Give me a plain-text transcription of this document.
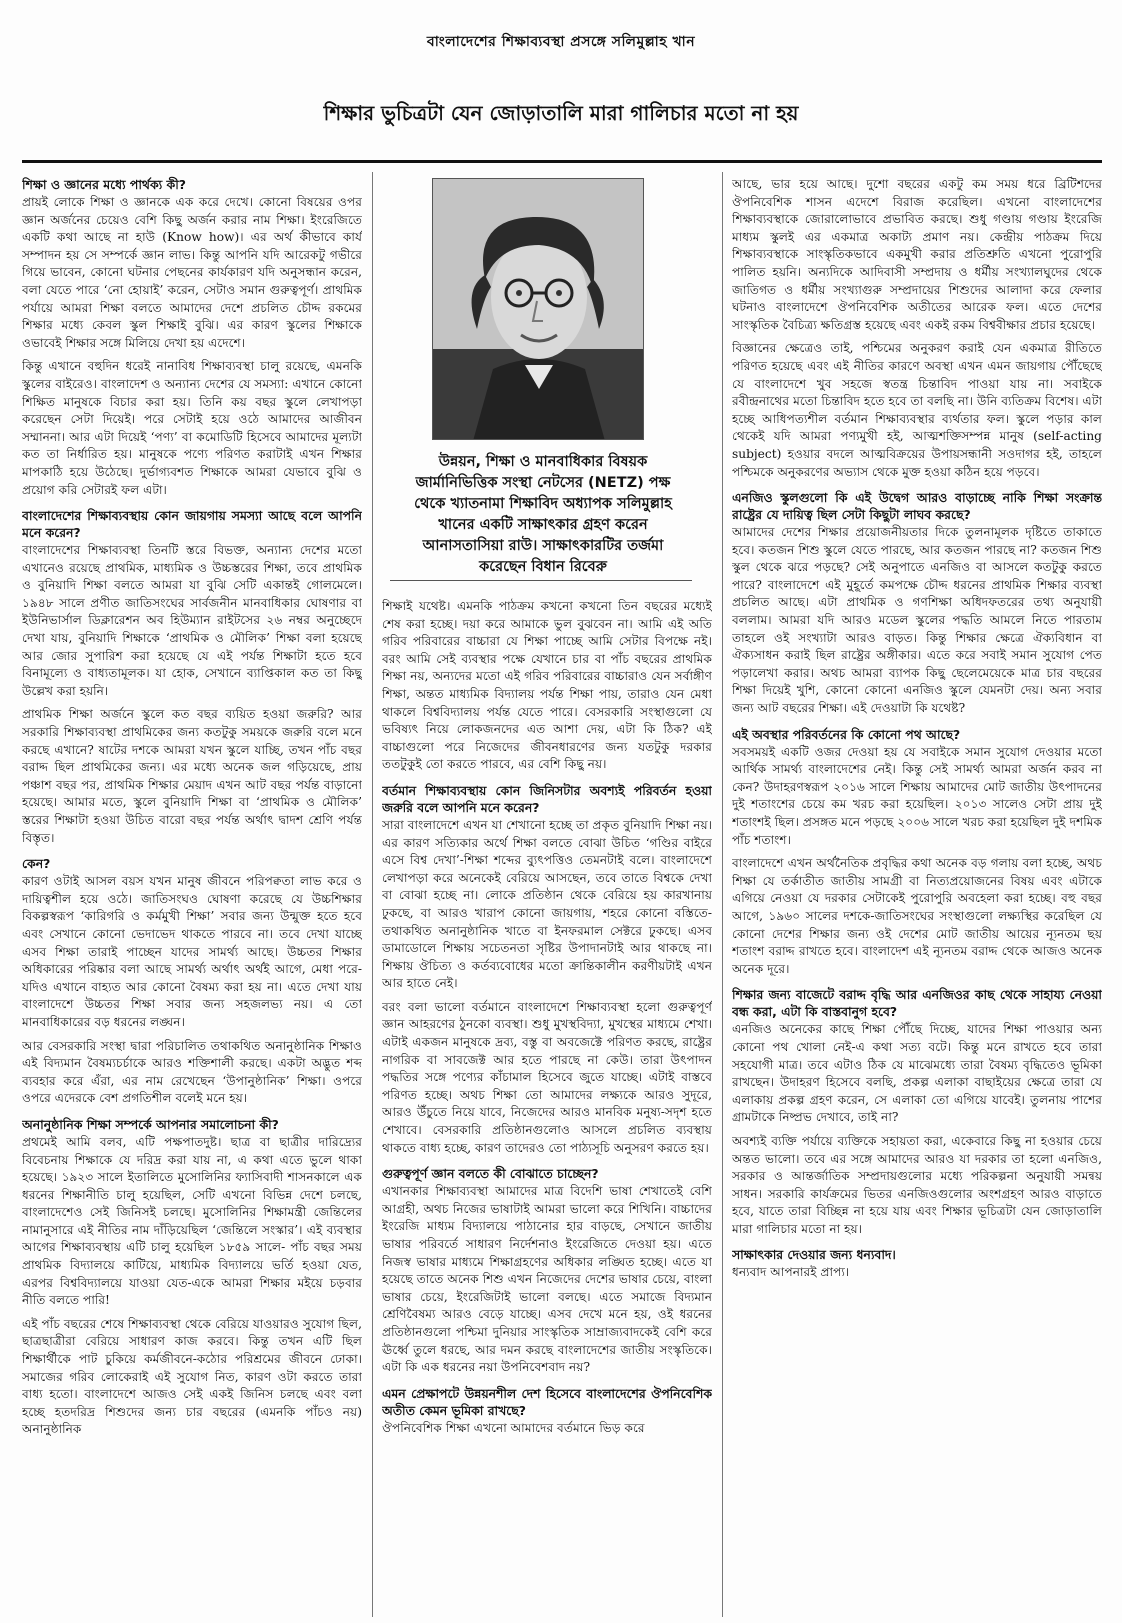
বাংলাদেশের শিক্ষাব্যবস্থা প্রসঙ্গে সলিমুল্লাহ খান
শিক্ষার ভুচিত্রটা যেন জোড়াতালি মারা গালিচার মতো না হয়
শিক্ষা ও জ্ঞানের মধ্যে পার্থক্য কী?

প্রায়ই লোকে শিক্ষা ও জ্ঞানকে এক করে দেখে। কোনো বিষয়ের ওপর জ্ঞান অর্জনের চেয়েও বেশি কিছু অর্জন করার নাম শিক্ষা। ইংরেজিতে একটি কথা আছে না হাউ (Know how)। এর অর্থ কীভাবে কার্য সম্পাদন হয় সে সম্পর্কে জ্ঞান লাভ। কিন্তু আপনি যদি আরেকটু গভীরে গিয়ে ভাবেন, কোনো ঘটনার পেছনের কার্যকারণ যদি অনুসন্ধান করেন, বলা যেতে পারে ‘নো হোয়াই’ করেন, সেটাও সমান গুরুত্বপূর্ণ। প্রাথমিক পর্যায়ে আমরা শিক্ষা বলতে আমাদের দেশে প্রচলিত চৌদ্দ রকমের শিক্ষার মধ্যে কেবল স্কুল শিক্ষাই বুঝি। এর কারণ স্কুলের শিক্ষাকে ওভাবেই শিক্ষার সঙ্গে মিলিয়ে দেখা হয় এদেশে।

কিন্তু এখানে বহুদিন ধরেই নানাবিধ শিক্ষাব্যবস্থা চালু রয়েছে, এমনকি স্কুলের বাইরেও। বাংলাদেশ ও অন্যান্য দেশের যে সমস্যা: এখানে কোনো শিক্ষিত মানুষকে বিচার করা হয়। তিনি কয় বছর স্কুলে লেখাপড়া করেছেন সেটা দিয়েই। পরে সেটাই হয়ে ওঠে আমাদের আজীবন সম্মাননা। আর এটা দিয়েই ‘পণ্য’ বা কমোডিটি হিসেবে আমাদের মূল্যটা কত তা নির্ধারিত হয়। মানুষকে পণ্যে পরিণত করাটাই এখন শিক্ষার মাপকাঠি হয়ে উঠেছে। দুর্ভাগ্যবশত শিক্ষাকে আমরা যেভাবে বুঝি ও প্রয়োগ করি সেটারই ফল এটা।

বাংলাদেশের শিক্ষাব্যবস্থায় কোন জায়গায় সমস্যা আছে বলে আপনি মনে করেন?

বাংলাদেশের শিক্ষাব্যবস্থা তিনটি স্তরে বিভক্ত, অন্যান্য দেশের মতো এখানেও রয়েছে প্রাথমিক, মাধ্যমিক ও উচ্চস্তরের শিক্ষা, তবে প্রাথমিক ও বুনিয়াদি শিক্ষা বলতে আমরা যা বুঝি সেটি একান্তই গোলমেলে। ১৯৪৮ সালে প্রণীত জাতিসংঘের সার্বজনীন মানবাধিকার ঘোষণার বা ইউনিভার্সাল ডিক্লারেশন অব হিউম্যান রাইটসের ২৬ নম্বর অনুচ্ছেদে দেখা যায়, বুনিয়াদি শিক্ষাকে ‘প্রাথমিক ও মৌলিক’ শিক্ষা বলা হয়েছে আর জোর সুপারিশ করা হয়েছে যে এই পর্যন্ত শিক্ষাটা হতে হবে বিনামূল্যে ও বাধ্যতামূলক। যা হোক, সেখানে ব্যাপ্তিকাল কত তা কিছু উল্লেখ করা হয়নি।

প্রাথমিক শিক্ষা অর্জনে স্কুলে কত বছর ব্যয়িত হওয়া জরুরি? আর সরকারি শিক্ষাব্যবস্থা প্রাথমিকের জন্য কতটুকু সময়কে জরুরি বলে মনে করছে এখানে? ষাটের দশকে আমরা যখন স্কুলে যাচ্ছি, তখন পাঁচ বছর বরাদ্দ ছিল প্রাথমিকের জন্য। এর মধ্যে অনেক জল গড়িয়েছে, প্রায় পঞ্চাশ বছর পর, প্রাথমিক শিক্ষার মেয়াদ এখন আট বছর পর্যন্ত বাড়ানো হয়েছে। আমার মতে, স্কুলে বুনিয়াদি শিক্ষা বা ‘প্রাথমিক ও মৌলিক’ স্তরের শিক্ষাটা হওয়া উচিত বারো বছর পর্যন্ত অর্থাৎ দ্বাদশ শ্রেণি পর্যন্ত বিস্তৃত।

কেন?

কারণ ওটাই আসল বয়স যখন মানুষ জীবনে পরিপক্বতা লাভ করে ও দায়িত্বশীল হয়ে ওঠে। জাতিসংঘও ঘোষণা করেছে যে উচ্চশিক্ষার বিকল্পস্বরূপ ‘কারিগরি ও কর্মমুখী শিক্ষা’ সবার জন্য উন্মুক্ত হতে হবে এবং সেখানে কোনো ভেদাভেদ থাকতে পারবে না। তবে দেখা যাচ্ছে এসব শিক্ষা তারাই পাচ্ছেন যাদের সামর্থ্য আছে। উচ্চতর শিক্ষার অধিকারের পরিষ্কার বলা আছে সামর্থ্য অর্থাৎ অর্থই আগে, মেধা পরে-যদিও এখানে বাহ্যত আর কোনো বৈষম্য করা হয় না। এতে দেখা যায় বাংলাদেশে উচ্চতর শিক্ষা সবার জন্য সহজলভ্য নয়। এ তো মানবাধিকারের বড় ধরনের লঙ্ঘন।

আর বেসরকারি সংস্থা দ্বারা পরিচালিত তথাকথিত অনানুষ্ঠানিক শিক্ষাও এই বিদ্যমান বৈষম্যচর্চাকে আরও শক্তিশালী করছে। একটা অদ্ভুত শব্দ ব্যবহার করে এঁরা, এর নাম রেখেছেন ‘উপানুষ্ঠানিক’ শিক্ষা। ওপরে ওপরে এদেরকে বেশ প্রগতিশীল বলেই মনে হয়।

অনানুষ্ঠানিক শিক্ষা সম্পর্কে আপনার সমালোচনা কী?

প্রথমেই আমি বলব, এটি পক্ষপাতদুষ্ট। ছাত্র বা ছাত্রীর দারিদ্র্যের বিবেচনায় শিক্ষাকে যে দরিদ্র করা যায় না, এ কথা এতে ভুলে থাকা হয়েছে। ১৯২৩ সালে ইতালিতে মুসোলিনির ফ্যাসিবাদী শাসনকালে এক ধরনের শিক্ষানীতি চালু হয়েছিল, সেটি এখনো বিভিন্ন দেশে চলছে, বাংলাদেশেও সেই জিনিসই চলছে। মুসোলিনির শিক্ষামন্ত্রী জেন্তিলের নামানুসারে এই নীতির নাম দাঁড়িয়েছিল ‘জেন্তিলে সংস্কার’। এই ব্যবস্থার আগের শিক্ষাব্যবস্থায় এটি চালু হয়েছিল ১৮৫৯ সালে- পাঁচ বছর সময় প্রাথমিক বিদ্যালয়ে কাটিয়ে, মাধ্যমিক বিদ্যালয়ে ভর্তি হওয়া যেত, এরপর বিশ্ববিদ্যালয়ে যাওয়া যেত-একে আমরা শিক্ষার মইয়ে চড়বার নীতি বলতে পারি!

এই পাঁচ বছরের শেষে শিক্ষাব্যবস্থা থেকে বেরিয়ে যাওয়ারও সুযোগ ছিল, ছাত্রছাত্রীরা বেরিয়ে সাধারণ কাজ করবে। কিন্তু তখন এটি ছিল শিক্ষার্থীকে পাট চুকিয়ে কর্মজীবনে-কঠোর পরিশ্রমের জীবনে ঢোকা। সমাজের গরিব লোকেরাই এই সুযোগ নিত, কারণ ওটা করতে তারা বাধ্য হতো। বাংলাদেশে আজও সেই একই জিনিস চলছে এবং বলা হচ্ছে হতদরিদ্র শিশুদের জন্য চার বছরের (এমনকি পাঁচও নয়) অনানুষ্ঠানিক

উন্নয়ন, শিক্ষা ও মানবাধিকার বিষয়ক জার্মানিভিত্তিক সংস্থা নেটসের (NETZ) পক্ষ থেকে খ্যাতনামা শিক্ষাবিদ অধ্যাপক সলিমুল্লাহ খানের একটি সাক্ষাৎকার গ্রহণ করেন আনাসতাসিয়া রাউ। সাক্ষাৎকারটির তর্জমা করেছেন বিধান রিবেরু

শিক্ষাই যথেষ্ট। এমনকি পাঠক্রম কখনো কখনো তিন বছরের মধ্যেই শেষ করা হচ্ছে। দয়া করে আমাকে ভুল বুঝবেন না। আমি এই অতি গরিব পরিবারের বাচ্চারা যে শিক্ষা পাচ্ছে আমি সেটার বিপক্ষে নই। বরং আমি সেই ব্যবস্থার পক্ষে যেখানে চার বা পাঁচ বছরের প্রাথমিক শিক্ষা নয়, অন্যদের মতো এই গরিব পরিবারের বাচ্চারাও যেন সর্বাঙ্গীণ শিক্ষা, অন্তত মাধ্যমিক বিদ্যালয় পর্যন্ত শিক্ষা পায়, তারাও যেন মেধা থাকলে বিশ্ববিদ্যালয় পর্যন্ত যেতে পারে। বেসরকারি সংস্থাগুলো যে ভবিষ্যৎ নিয়ে লোকজনদের এত আশা দেয়, এটা কি ঠিক? এই বাচ্চাগুলো পরে নিজেদের জীবনধারণের জন্য যতটুকু দরকার ততটুকুই তো করতে পারবে, এর বেশি কিছু নয়।

বর্তমান শিক্ষাব্যবস্থায় কোন জিনিসটার অবশ্যই পরিবর্তন হওয়া জরুরি বলে আপনি মনে করেন?

সারা বাংলাদেশে এখন যা শেখানো হচ্ছে তা প্রকৃত বুনিয়াদি শিক্ষা নয়। এর কারণ সত্যিকার অর্থে শিক্ষা বলতে বোঝা উচিত ‘গণ্ডির বাইরে এসে বিশ্ব দেখা’-শিক্ষা শব্দের ব্যুৎপত্তিও তেমনটাই বলে। বাংলাদেশে লেখাপড়া করে অনেকেই বেরিয়ে আসছেন, তবে তাতে বিশ্বকে দেখা বা বোঝা হচ্ছে না। লোকে প্রতিষ্ঠান থেকে বেরিয়ে হয় কারখানায় ঢুকছে, বা আরও খারাপ কোনো জায়গায়, শহরে কোনো বস্তিতে-তথাকথিত অনানুষ্ঠানিক খাতে বা ইনফরমাল সেক্টরে ঢুকছে। এসব ডামাডোলে শিক্ষায় সচেতনতা সৃষ্টির উপাদানটাই আর থাকছে না। শিক্ষায় ঔচিত্য ও কর্তব্যবোধের মতো ক্রান্তিকালীন করণীয়টাই এখন আর হাতে নেই।

বরং বলা ভালো বর্তমানে বাংলাদেশে শিক্ষাব্যবস্থা হলো গুরুত্বপূর্ণ জ্ঞান আহরণের ঠুনকো ব্যবস্থা। শুধু মুখস্থবিদ্যা, মুখস্থের মাধ্যমে শেখা। এটাই একজন মানুষকে দ্রব্য, বস্তু বা অবজেক্টে পরিণত করছে, রাষ্ট্রের নাগরিক বা সাবজেক্ট আর হতে পারছে না কেউ। তারা উৎপাদন পদ্ধতির সঙ্গে পণ্যের কাঁচামাল হিসেবে জুতে যাচ্ছে। এটাই বাস্তবে পরিণত হচ্ছে। অথচ শিক্ষা তো আমাদের লক্ষ্যকে আরও সুদূরে, আরও উঁচুতে নিয়ে যাবে, নিজেদের আরও মানবিক মনুষ্য-সদৃশ হতে শেখাবে। বেসরকারি প্রতিষ্ঠানগুলোও আসলে প্রচলিত ব্যবস্থায় থাকতে বাধ্য হচ্ছে, কারণ তাদেরও তো পাঠ্যসূচি অনুসরণ করতে হয়।

গুরুত্বপূর্ণ জ্ঞান বলতে কী বোঝাতে চাচ্ছেন?

এখানকার শিক্ষাব্যবস্থা আমাদের মাত্র বিদেশি ভাষা শেখাতেই বেশি আগ্রহী, অথচ নিজের ভাষাটাই আমরা ভালো করে শিখিনি। বাচ্চাদের ইংরেজি মাধ্যম বিদ্যালয়ে পাঠানোর হার বাড়ছে, সেখানে জাতীয় ভাষার পরিবর্তে সাধারণ নির্দেশনাও ইংরেজিতে দেওয়া হয়। এতে নিজস্ব ভাষার মাধ্যমে শিক্ষাগ্রহণের অধিকার লঙ্ঘিত হচ্ছে। এতে যা হয়েছে তাতে অনেক শিশু এখন নিজেদের দেশের ভাষার চেয়ে, বাংলা ভাষার চেয়ে, ইংরেজিটাই ভালো বলছে। এতে সমাজে বিদ্যমান শ্রেণিবৈষম্য আরও বেড়ে যাচ্ছে। এসব দেখে মনে হয়, ওই ধরনের প্রতিষ্ঠানগুলো পশ্চিমা দুনিয়ার সাংস্কৃতিক সাম্রাজ্যবাদকেই বেশি করে ঊর্ধ্বে তুলে ধরছে, আর দমন করছে বাংলাদেশের জাতীয় সংস্কৃতিকে। এটা কি এক ধরনের নয়া উপনিবেশবাদ নয়?

এমন প্রেক্ষাপটে উন্নয়নশীল দেশ হিসেবে বাংলাদেশের ঔপনিবেশিক অতীত কেমন ভূমিকা রাখছে?

ঔপনিবেশিক শিক্ষা এখনো আমাদের বর্তমানে ভিড় করে

আছে, ভার হয়ে আছে। দুশো বছরের একটু কম সময় ধরে ব্রিটিশদের ঔপনিবেশিক শাসন এদেশে বিরাজ করেছিল। এখনো বাংলাদেশের শিক্ষাব্যবস্থাকে জোরালোভাবে প্রভাবিত করছে। শুধু গণ্ডায় গণ্ডায় ইংরেজি মাধ্যম স্কুলই এর একমাত্র অকাট্য প্রমাণ নয়। কেন্দ্রীয় পাঠক্রম দিয়ে শিক্ষাব্যবস্থাকে সাংস্কৃতিকভাবে একমুখী করার প্রতিশ্রুতি এখনো পুরোপুরি পালিত হয়নি। অন্যদিকে আদিবাসী সম্প্রদায় ও ধর্মীয় সংখ্যালঘুদের থেকে জাতিগত ও ধর্মীয় সংখ্যাগুরু সম্প্রদায়ের শিশুদের আলাদা করে ফেলার ঘটনাও বাংলাদেশে ঔপনিবেশিক অতীতের আরেক ফল। এতে দেশের সাংস্কৃতিক বৈচিত্র্য ক্ষতিগ্রস্ত হয়েছে এবং একই রকম বিশ্ববীক্ষার প্রচার হয়েছে।

বিজ্ঞানের ক্ষেত্রেও তাই, পশ্চিমের অনুকরণ করাই যেন একমাত্র রীতিতে পরিণত হয়েছে এবং এই নীতির কারণে অবস্থা এখন এমন জায়গায় পৌঁছেছে যে বাংলাদেশে খুব সহজে স্বতন্ত্র চিন্তাবিদ পাওয়া যায় না। সবাইকে রবীন্দ্রনাথের মতো চিন্তাবিদ হতে হবে তা বলছি না। উনি ব্যতিক্রম বিশেষ। এটা হচ্ছে আধিপত্যশীল বর্তমান শিক্ষাব্যবস্থার ব্যর্থতার ফল। স্কুলে পড়ার কাল থেকেই যদি আমরা পণ্যমুখী হই, আত্মশক্তিসম্পন্ন মানুষ (self-acting subject) হওয়ার বদলে আত্মবিক্রয়ের উপায়সন্ধানী সওদাগর হই, তাহলে পশ্চিমকে অনুকরণের অভ্যাস থেকে মুক্ত হওয়া কঠিন হয়ে পড়বে।

এনজিও স্কুলগুলো কি এই উদ্বেগ আরও বাড়াচ্ছে নাকি শিক্ষা সংক্রান্ত রাষ্ট্রের যে দায়িত্ব ছিল সেটা কিছুটা লাঘব করছে?

আমাদের দেশের শিক্ষার প্রয়োজনীয়তার দিকে তুলনামূলক দৃষ্টিতে তাকাতে হবে। কতজন শিশু স্কুলে যেতে পারছে, আর কতজন পারছে না? কতজন শিশু স্কুল থেকে ঝরে পড়ছে? সেই অনুপাতে এনজিও বা আসলে কতটুকু করতে পারে? বাংলাদেশে এই মুহূর্তে কমপক্ষে চৌদ্দ ধরনের প্রাথমিক শিক্ষার ব্যবস্থা প্রচলিত আছে। এটা প্রাথমিক ও গণশিক্ষা অধিদফতরের তথ্য অনুযায়ী বললাম। আমরা যদি আরও মডেল স্কুলের পদ্ধতি আমলে নিতে পারতাম তাহলে ওই সংখ্যাটা আরও বাড়ত। কিন্তু শিক্ষার ক্ষেত্রে ঐক্যবিধান বা ঐক্যসাধন করাই ছিল রাষ্ট্রের অঙ্গীকার। এতে করে সবাই সমান সুযোগ পেত পড়ালেখা করার। অথচ আমরা ব্যাপক কিছু ছেলেমেয়েকে মাত্র চার বছরের শিক্ষা দিয়েই খুশি, কোনো কোনো এনজিও স্কুলে যেমনটা দেয়। অন্য সবার জন্য আট বছরের শিক্ষা। এই দেওয়াটা কি যথেষ্ট?

এই অবস্থার পরিবর্তনের কি কোনো পথ আছে?

সবসময়ই একটি ওজর দেওয়া হয় যে সবাইকে সমান সুযোগ দেওয়ার মতো আর্থিক সামর্থ্য বাংলাদেশের নেই। কিন্তু সেই সামর্থ্য আমরা অর্জন করব না কেন? উদাহরণস্বরূপ ২০১৬ সালে শিক্ষায় আমাদের মোট জাতীয় উৎপাদনের দুই শতাংশের চেয়ে কম খরচ করা হয়েছিল। ২০১৩ সালেও সেটা প্রায় দুই শতাংশই ছিল। প্রসঙ্গত মনে পড়ছে ২০০৬ সালে খরচ করা হয়েছিল দুই দশমিক পাঁচ শতাংশ।

বাংলাদেশে এখন অর্থনৈতিক প্রবৃদ্ধির কথা অনেক বড় গলায় বলা হচ্ছে, অথচ শিক্ষা যে তর্কাতীত জাতীয় সামগ্রী বা নিত্যপ্রয়োজনের বিষয় এবং এটাকে এগিয়ে নেওয়া যে দরকার সেটাকেই পুরোপুরি অবহেলা করা হচ্ছে। বহু বছর আগে, ১৯৬০ সালের দশকে-জাতিসংঘের সংস্থাগুলো লক্ষ্যস্থির করেছিল যে কোনো দেশের শিক্ষার জন্য ওই দেশের মোট জাতীয় আয়ের ন্যূনতম ছয় শতাংশ বরাদ্দ রাখতে হবে। বাংলাদেশ এই ন্যূনতম বরাদ্দ থেকে আজও অনেক অনেক দূরে।

শিক্ষার জন্য বাজেটে বরাদ্দ বৃদ্ধি আর এনজিওর কাছ থেকে সাহায্য নেওয়া বন্ধ করা, এটা কি বাস্তবানুগ হবে?

এনজিও অনেকের কাছে শিক্ষা পৌঁছে দিচ্ছে, যাদের শিক্ষা পাওয়ার অন্য কোনো পথ খোলা নেই-এ কথা সত্য বটে। কিন্তু মনে রাখতে হবে তারা সহযোগী মাত্র। তবে এটাও ঠিক যে মাঝেমধ্যে তারা বৈষম্য বৃদ্ধিতেও ভূমিকা রাখছেন। উদাহরণ হিসেবে বলছি, প্রকল্প এলাকা বাছাইয়ের ক্ষেত্রে তারা যে এলাকায় প্রকল্প গ্রহণ করেন, সে এলাকা তো এগিয়ে যাবেই। তুলনায় পাশের গ্রামটাকে নিষ্প্রভ দেখাবে, তাই না?

অবশ্যই ব্যক্তি পর্যায়ে ব্যক্তিকে সহায়তা করা, একেবারে কিছু না হওয়ার চেয়ে অন্তত ভালো। তবে এর সঙ্গে আমাদের আরও যা দরকার তা হলো এনজিও, সরকার ও আন্তর্জাতিক সম্প্রদায়গুলোর মধ্যে পরিকল্পনা অনুযায়ী সমন্বয় সাধন। সরকারি কার্যক্রমের ভিতর এনজিওগুলোর অংশগ্রহণ আরও বাড়াতে হবে, যাতে তারা বিচ্ছিন্ন না হয়ে যায় এবং শিক্ষার ভূচিত্রটা যেন জোড়াতালি মারা গালিচার মতো না হয়।

সাক্ষাৎকার দেওয়ার জন্য ধন্যবাদ।

ধন্যবাদ আপনারই প্রাপ্য।
